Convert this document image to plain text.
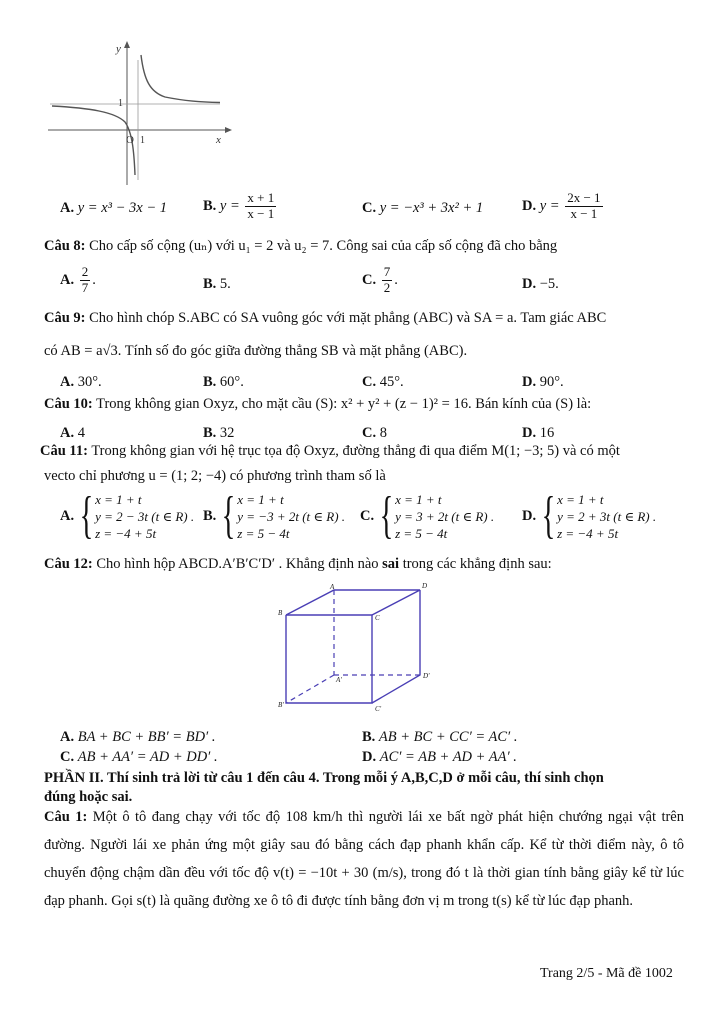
y
x
O 1
1
A. y = x³ − 3x − 1 B. $y = \frac{x + 1}{x - 1}$	C. y = −x³ + 3x² + 1	D. $y = \frac{2x - 1}{x - 1}$
Câu 8: Cho cấp số cộng (uₙ) với u₁ = 2 và u₂ = 7. Công sai của cấp số cộng đã cho bằng
A. $\frac{2}{7}$ .	B. 5.	C. $\frac{7}{2}$ .	D. −5.
Câu 9: Cho hình chóp S.ABC có SA vuông góc với mặt phẳng (ABC) và SA = a. Tam giác ABC
có AB = a√3. Tính số đo góc giữa đường thẳng SB và mặt phẳng (ABC).
A. 30°.	B. 60°.	C. 45°.	D. 90°.
Câu 10: Trong không gian Oxyz, cho mặt cầu (S): x² + y² + (z − 1)² = 16. Bán kính của (S) là:
A. 4	B. 32	C. 8	D. 16
Câu 11: Trong không gian với hệ trục tọa độ Oxyz, đường thẳng đi qua điểm M(1; −3; 5) và có một
vecto chỉ phương u = (1; 2; −4) có phương trình tham số là
A. { x = 1 + t
y = 2 − 3t (t ∈ R) .
z = −4 + 5t
B. { x = 1 + t
y = −3 + 2t (t ∈ R) .
z = 5 − 4t
C. { x = 1 + t
y = 3 + 2t (t ∈ R) .
z = 5 − 4t
D. { x = 1 + t
y = 2 + 3t (t ∈ R) .
z = −4 + 5t
Câu 12: Cho hình hộp ABCD.A′B′C′D′ . Khẳng định nào sai trong các khẳng định sau:
A	D
B
C
A'	D'
B'	C'
A. BA + BC + BB′ = BD′ .	B. AB + BC + CC′ = AC′ .
C. AB + AA′ = AD + DD′ .	D. AC′ = AB + AD + AA′ .
PHẦN II. Thí sinh trả lời từ câu 1 đến câu 4. Trong mỗi ý A,B,C,D ở mỗi câu, thí sinh chọn
đúng hoặc sai.
Câu 1: Một ô tô đang chạy với tốc độ 108 km/h thì người lái xe bất ngờ phát hiện chướng ngại vật trên đường. Người lái xe phản ứng một giây sau đó bằng cách đạp phanh khẩn cấp. Kể từ thời điểm này, ô tô chuyển động chậm dần đều với tốc độ v(t) = −10t + 30 (m/s), trong đó t là thời gian tính bằng giây kể từ lúc đạp phanh. Gọi s(t) là quãng đường xe ô tô đi được tính bằng đơn vị m trong t(s) kể từ lúc đạp phanh.
Trang 2/5 - Mã đề 1002
